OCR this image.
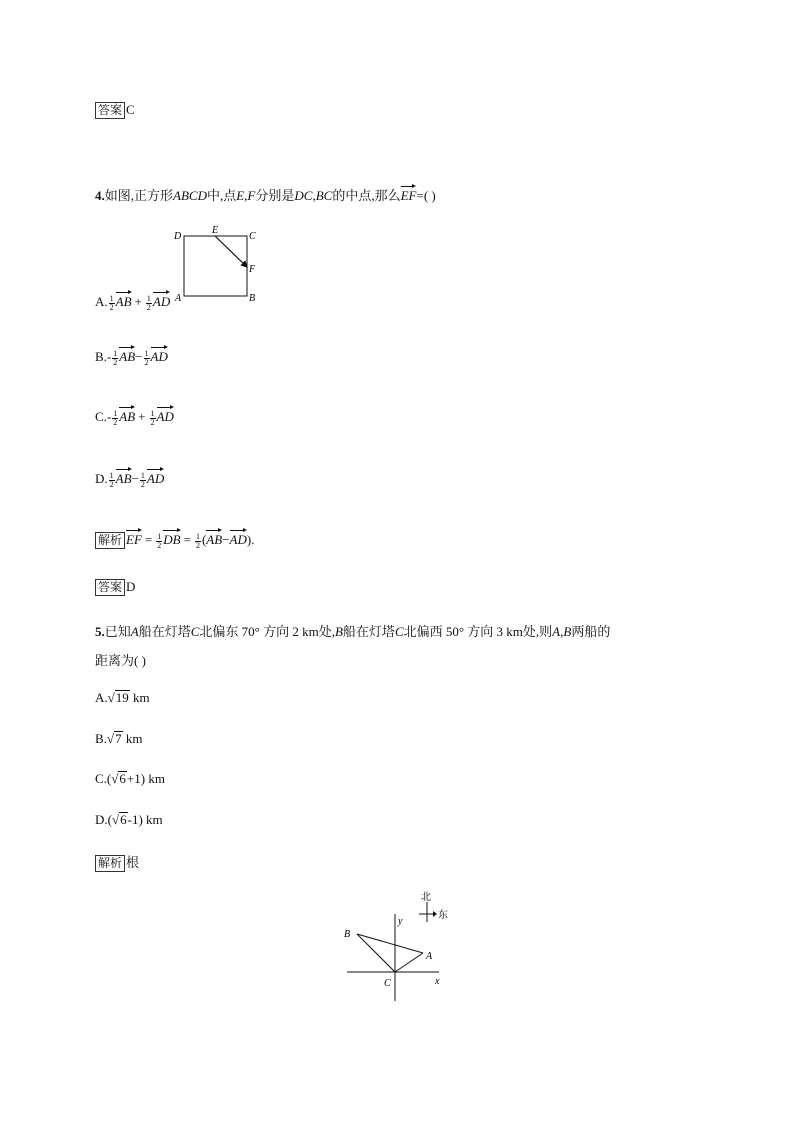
答案 C
4.如图,正方形ABCD中,点E,F分别是DC,BC的中点,那么EF=( )
D
E
C
F
A	B
A. $\frac{1}{2}$ AB + $\frac{1}{2}$ AD
$B.- \frac{1}{2} AB- \frac{1}{2}$ AD
$C.- \frac{1}{2}$ AB + $\frac{1}{2}$ AD
D. $\frac{1}{2} AB- \frac{1}{2}$ AD
解析 EF = $\frac{1}{2}$ DB = $\frac{1}{2} (AB-AD)$.
答案 D
5.已知A船在灯塔C北偏东 70° 方向 2 km处,B船在灯塔C北偏西 50° 方向 3 km处,则A,B两船的
距离为( )
A.√19 km
B.√7 km
C.(√6+1) km
D.(√6-1) km
解析 根
北
东
y
x
B
A
C
